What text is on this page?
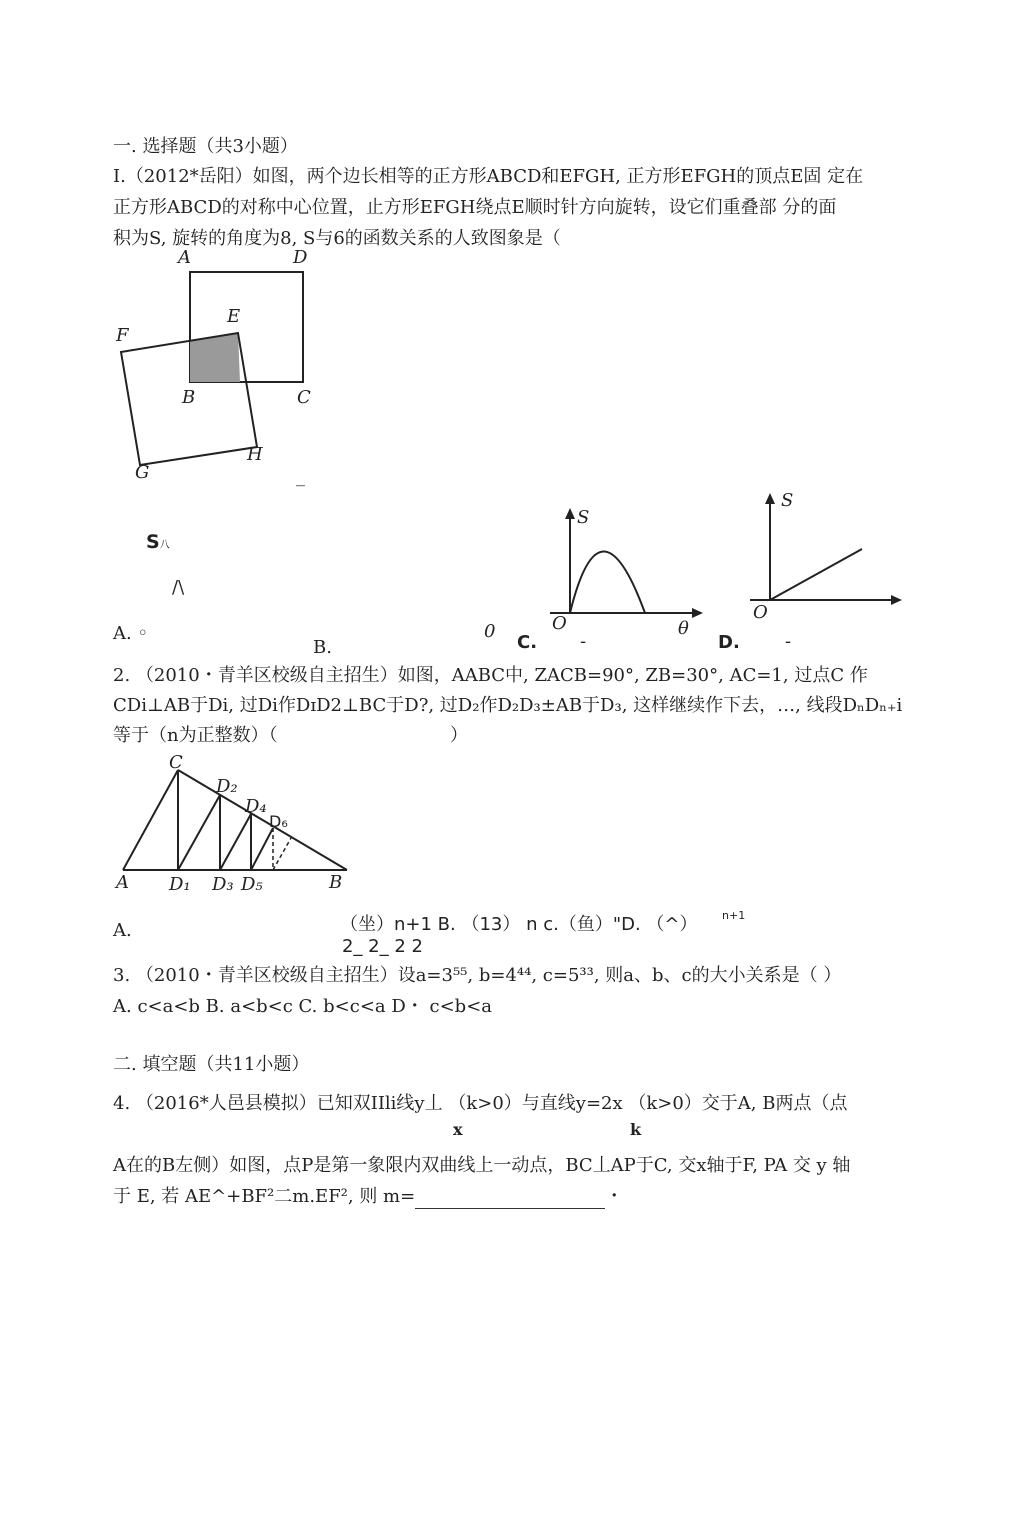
一. 选择题（共3小题）
I.（2012*岳阳）如图，两个边长相等的正方形ABCD和EFGH, 正方形EFGH的顶点E固 定在
正方形ABCD的对称中心位置，止方形EFGH绕点E顺时针方向旋转，设它们重叠部 分的面
积为S, 旋转的角度为8, S与6的函数关系的人致图象是（
A	D
E
F
B	C
G
H
_
S八
/\
A. ◦
B.
0
S
O	θ
-
C.
S
O
-
D.
2. （2010・青羊区校级自主招生）如图，AABC中, ZACB=90°, ZB=30°, AC=1, 过点C 作
CDi⊥AB于Di, 过Di作DɪD2⊥BC于D?, 过D₂作D₂D₃±AB于D₃, 这样继续作下去，…, 线段DₙDₙ₊i
等于（n为正整数）（	）
C
D₂
D₄
D₆
A D₁ D₃ D₅	B
A.	（坐）n+1 B. （13） n c.（鱼）"D. （^） n+1
2_ 2_ 2 2
3. （2010・青羊区校级自主招生）设a=3⁵⁵, b=4⁴⁴, c=5³³, 则a、b、c的大小关系是（ ）
A. c<a<b B. a<b<c C. b<c<a D・ c<b<a
二. 填空题（共11小题）
4. （2016*人邑县模拟）已知双IIli线y丄 （k>0）与直线y=2x （k>0）交于A, B两点（点
x	k
A在的B左侧）如图，点P是第一象限内双曲线上一动点，BC丄AP于C, 交x轴于F, PA 交 y 轴
于 E, 若 AE^+BF²二m.EF², 则 m=	・
